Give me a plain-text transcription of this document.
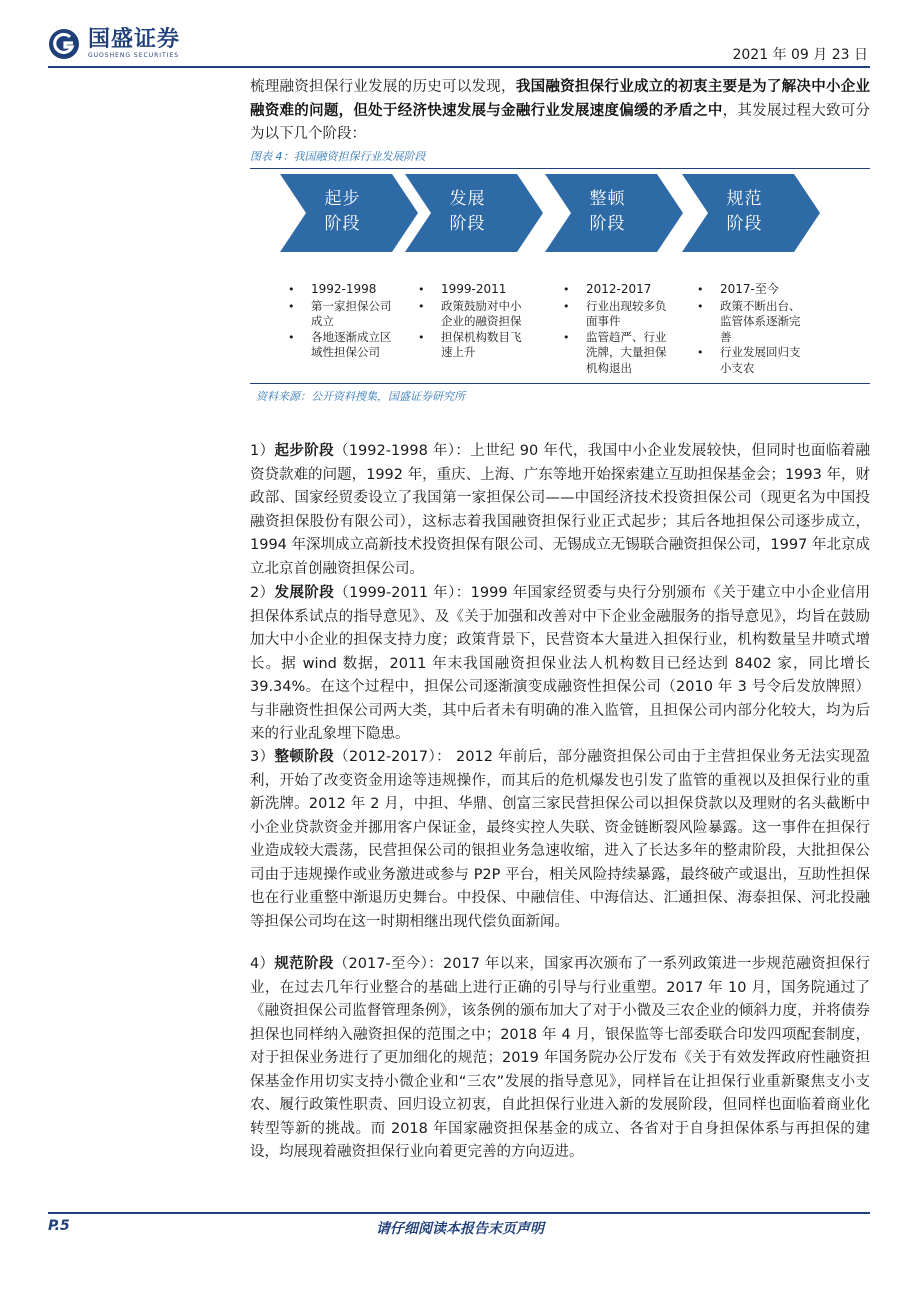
国盛证券
GUOSHENG SECURITIES	2021 年 09 月 23 日
梳理融资担保行业发展的历史可以发现，我国融资担保行业成立的初衷主要是为了解决中小企业融资难的问题，但处于经济快速发展与金融行业发展速度偏缓的矛盾之中，其发展过程大致可分为以下几个阶段：
图表 4：我国融资担保行业发展阶段
起步
阶段
发展
阶段
整顿
阶段
规范
阶段
• 1992-1998
• 第一家担保公司成立
• 各地逐渐成立区域性担保公司
• 1999-2011
• 政策鼓励对中小企业的融资担保
• 担保机构数目飞速上升
• 2012-2017
• 行业出现较多负面事件
• 监管趋严、行业洗牌，大量担保机构退出
• 2017-至今
• 政策不断出台、监管体系逐渐完善
• 行业发展回归支小支农
资料来源：公开资料搜集，国盛证券研究所
1）起步阶段（1992-1998 年）：上世纪 90 年代，我国中小企业发展较快，但同时也面临着融资贷款难的问题，1992 年，重庆、上海、广东等地开始探索建立互助担保基金会；1993 年，财政部、国家经贸委设立了我国第一家担保公司——中国经济技术投资担保公司（现更名为中国投融资担保股份有限公司），这标志着我国融资担保行业正式起步；其后各地担保公司逐步成立，1994 年深圳成立高新技术投资担保有限公司、无锡成立无锡联合融资担保公司，1997 年北京成立北京首创融资担保公司。
2）发展阶段（1999-2011 年）：1999 年国家经贸委与央行分别颁布《关于建立中小企业信用担保体系试点的指导意见》、及《关于加强和改善对中下企业金融服务的指导意见》，均旨在鼓励加大中小企业的担保支持力度；政策背景下，民营资本大量进入担保行业，机构数量呈井喷式增长。据 wind 数据，2011 年末我国融资担保业法人机构数目已经达到 8402 家，同比增长 39.34%。在这个过程中，担保公司逐渐演变成融资性担保公司（2010 年 3 号令后发放牌照）与非融资性担保公司两大类，其中后者未有明确的准入监管，且担保公司内部分化较大，均为后来的行业乱象埋下隐患。
3）整顿阶段（2012-2017）： 2012 年前后，部分融资担保公司由于主营担保业务无法实现盈利，开始了改变资金用途等违规操作，而其后的危机爆发也引发了监管的重视以及担保行业的重新洗牌。2012 年 2 月，中担、华鼎、创富三家民营担保公司以担保贷款以及理财的名头截断中小企业贷款资金并挪用客户保证金，最终实控人失联、资金链断裂风险暴露。这一事件在担保行业造成较大震荡，民营担保公司的银担业务急速收缩，进入了长达多年的整肃阶段，大批担保公司由于违规操作或业务激进或参与 P2P 平台，相关风险持续暴露，最终破产或退出，互助性担保也在行业重整中渐退历史舞台。中投保、中融信佳、中海信达、汇通担保、海泰担保、河北投融等担保公司均在这一时期相继出现代偿负面新闻。
4）规范阶段（2017-至今）：2017 年以来，国家再次颁布了一系列政策进一步规范融资担保行业，在过去几年行业整合的基础上进行正确的引导与行业重塑。2017 年 10 月，国务院通过了《融资担保公司监督管理条例》，该条例的颁布加大了对于小微及三农企业的倾斜力度，并将债券担保也同样纳入融资担保的范围之中；2018 年 4 月，银保监等七部委联合印发四项配套制度，对于担保业务进行了更加细化的规范；2019 年国务院办公厅发布《关于有效发挥政府性融资担保基金作用切实支持小微企业和“三农”发展的指导意见》，同样旨在让担保行业重新聚焦支小支农、履行政策性职责、回归设立初衷，自此担保行业进入新的发展阶段，但同样也面临着商业化转型等新的挑战。而 2018 年国家融资担保基金的成立、各省对于自身担保体系与再担保的建设，均展现着融资担保行业向着更完善的方向迈进。
P.5	请仔细阅读本报告末页声明
